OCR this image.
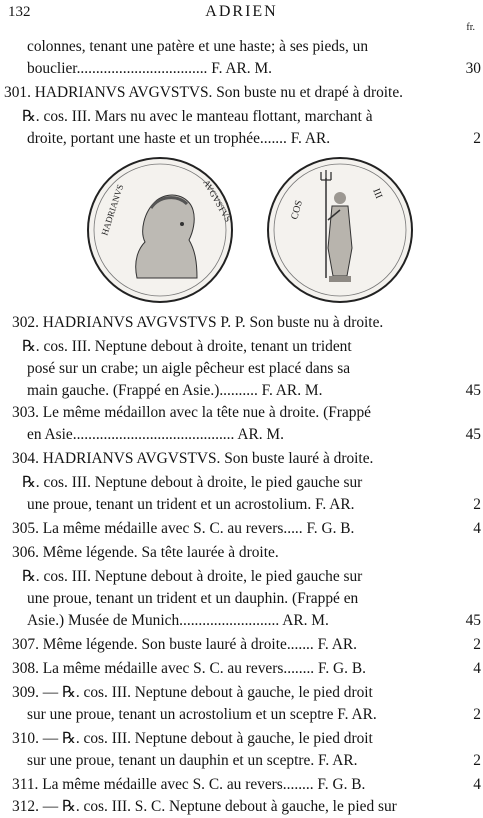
132	ADRIEN
fr.
colonnes, tenant une patère et une haste; à ses pieds, un
bouclier.................................. F. AR. M.	30
301. HADRIANVS AVGVSTVS. Son buste nu et drapé à droite.
℞. cos. III. Mars nu avec le manteau flottant, marchant à
droite, portant une haste et un trophée....... F. AR.	2
HADRIANVS	AVGVSTVS	COS
III
302. HADRIANVS AVGVSTVS P. P. Son buste nu à droite.
℞. cos. III. Neptune debout à droite, tenant un trident
posé sur un crabe; un aigle pêcheur est placé dans sa
main gauche. (Frappé en Asie.).......... F. AR. M.	45
303. Le même médaillon avec la tête nue à droite. (Frappé
en Asie.......................................... AR. M.	45
304. HADRIANVS AVGVSTVS. Son buste lauré à droite.
℞. cos. III. Neptune debout à droite, le pied gauche sur
une proue, tenant un trident et un acrostolium. F. AR.	2
305. La même médaille avec S. C. au revers..... F. G. B.	4
306. Même légende. Sa tête laurée à droite.
℞. cos. III. Neptune debout à droite, le pied gauche sur
une proue, tenant un trident et un dauphin. (Frappé en
Asie.) Musée de Munich.......................... AR. M.	45
307. Même légende. Son buste lauré à droite....... F. AR.	2
308. La même médaille avec S. C. au revers........ F. G. B.	4
309. — ℞. cos. III. Neptune debout à gauche, le pied droit
sur une proue, tenant un acrostolium et un sceptre F. AR.	2
310. — ℞. cos. III. Neptune debout à gauche, le pied droit
sur une proue, tenant un dauphin et un sceptre. F. AR.	2
311. La même médaille avec S. C. au revers........ F. G. B.	4
312. — ℞. cos. III. S. C. Neptune debout à gauche, le pied sur
